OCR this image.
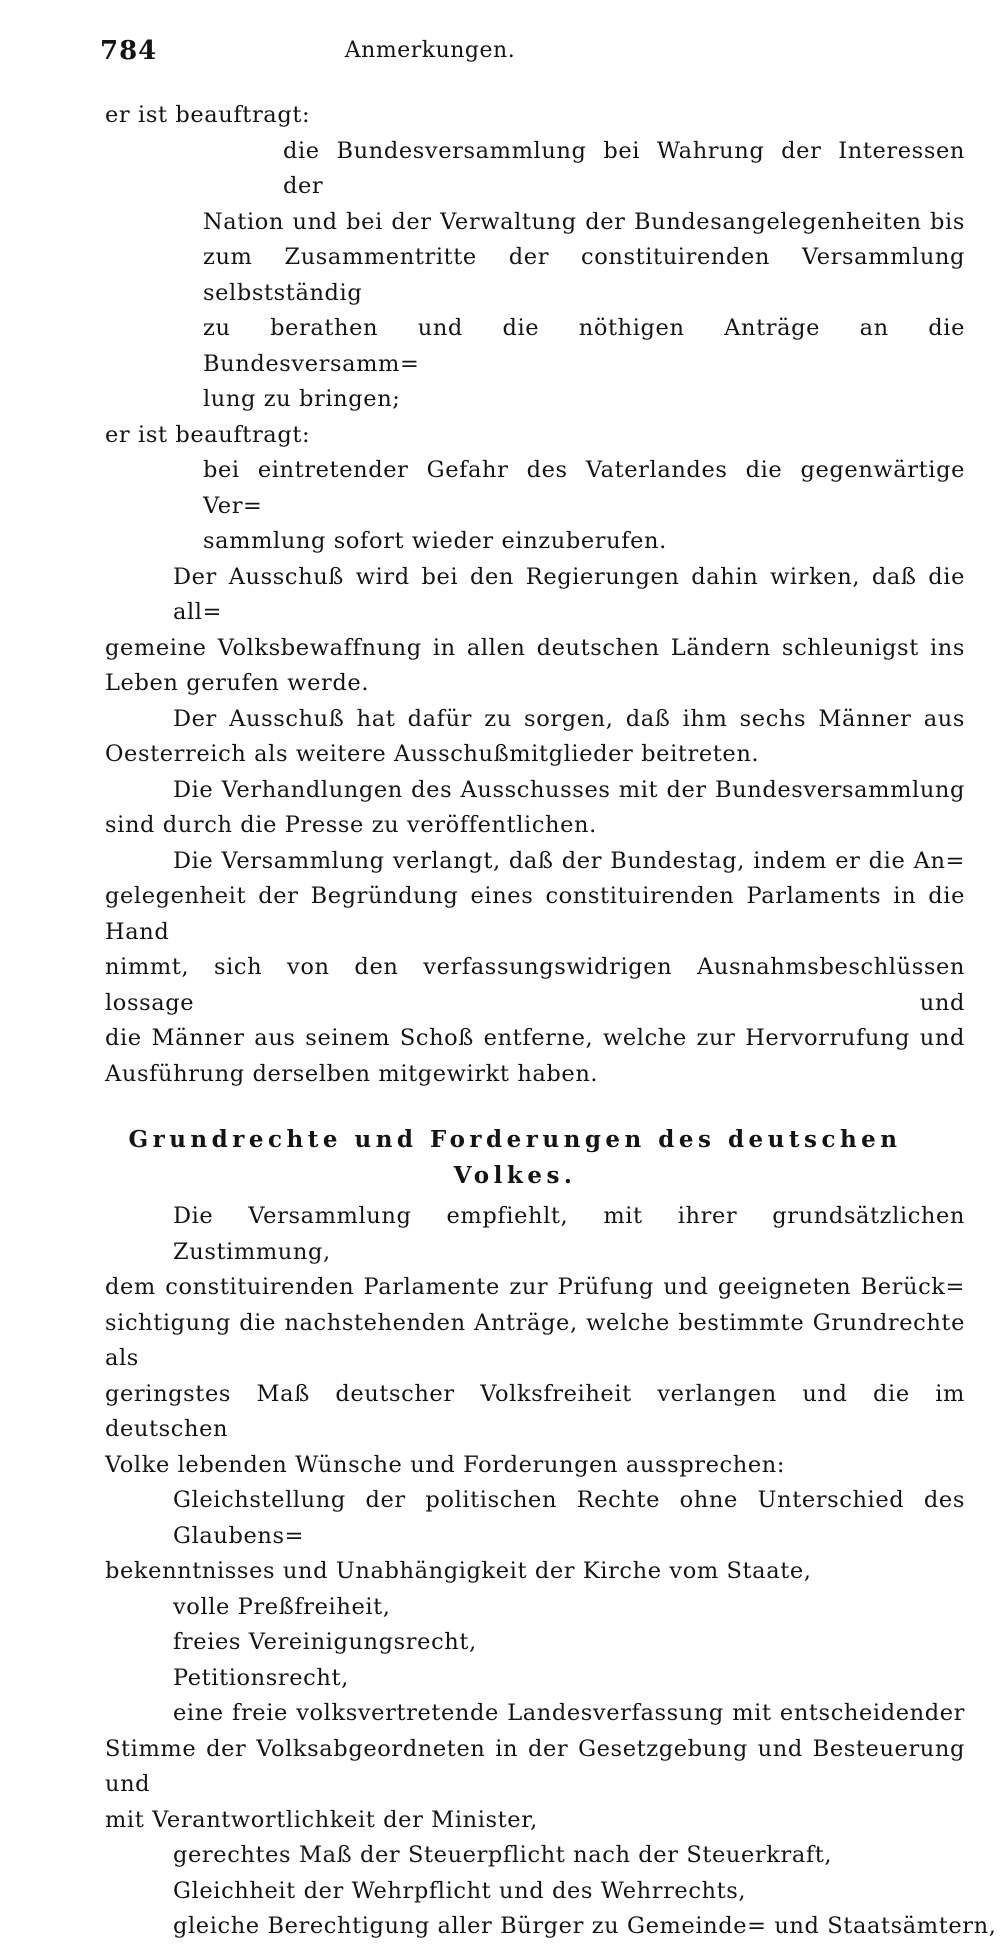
784	Anmerkungen.
er ist beauftragt:
die Bundesversammlung bei Wahrung der Interessen der
Nation und bei der Verwaltung der Bundesangelegenheiten bis
zum Zusammentritte der constituirenden Versammlung selbstständig
zu berathen und die nöthigen Anträge an die Bundesversamm=
lung zu bringen;
er ist beauftragt:
bei eintretender Gefahr des Vaterlandes die gegenwärtige Ver=
sammlung sofort wieder einzuberufen.
Der Ausschuß wird bei den Regierungen dahin wirken, daß die all=
gemeine Volksbewaffnung in allen deutschen Ländern schleunigst ins
Leben gerufen werde.
Der Ausschuß hat dafür zu sorgen, daß ihm sechs Männer aus
Oesterreich als weitere Ausschußmitglieder beitreten.
Die Verhandlungen des Ausschusses mit der Bundesversammlung
sind durch die Presse zu veröffentlichen.
Die Versammlung verlangt, daß der Bundestag, indem er die An=
gelegenheit der Begründung eines constituirenden Parlaments in die Hand
nimmt, sich von den verfassungswidrigen Ausnahmsbeschlüssen lossage und
die Männer aus seinem Schoß entferne, welche zur Hervorrufung und
Ausführung derselben mitgewirkt haben.
Grundrechte und Forderungen des deutschen Volkes.
Die Versammlung empfiehlt, mit ihrer grundsätzlichen Zustimmung,
dem constituirenden Parlamente zur Prüfung und geeigneten Berück=
sichtigung die nachstehenden Anträge, welche bestimmte Grundrechte als
geringstes Maß deutscher Volksfreiheit verlangen und die im deutschen
Volke lebenden Wünsche und Forderungen aussprechen:
Gleichstellung der politischen Rechte ohne Unterschied des Glaubens=
bekenntnisses und Unabhängigkeit der Kirche vom Staate,
volle Preßfreiheit,
freies Vereinigungsrecht,
Petitionsrecht,
eine freie volksvertretende Landesverfassung mit entscheidender
Stimme der Volksabgeordneten in der Gesetzgebung und Besteuerung und
mit Verantwortlichkeit der Minister,
gerechtes Maß der Steuerpflicht nach der Steuerkraft,
Gleichheit der Wehrpflicht und des Wehrrechts,
gleiche Berechtigung aller Bürger zu Gemeinde= und Staatsämtern,
